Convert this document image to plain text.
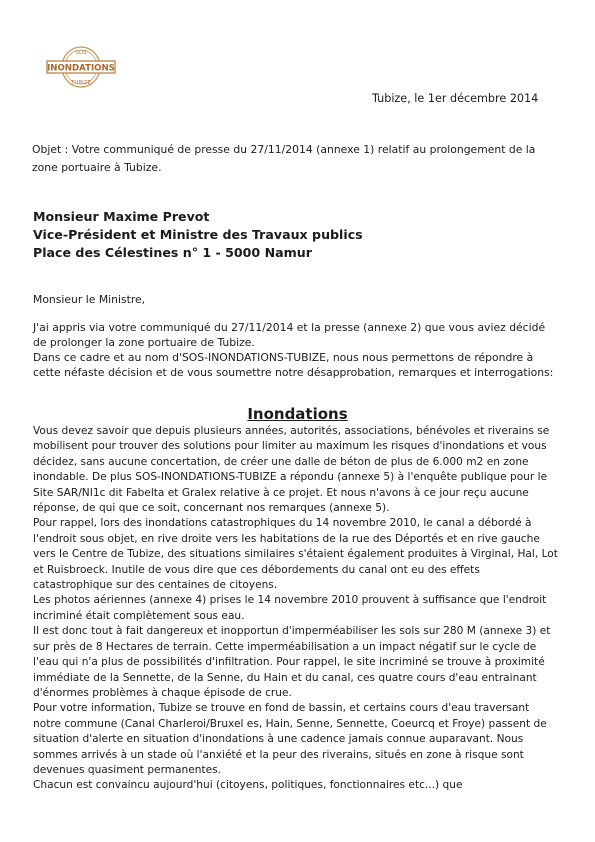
SOS
INONDATIONS
TUBIZE
Tubize, le 1er décembre 2014
Objet : Votre communiqué de presse du 27/11/2014 (annexe 1) relatif au prolongement de la zone portuaire à Tubize.
Monsieur Maxime Prevot
Vice-Président et Ministre des Travaux publics
Place des Célestines n° 1 - 5000 Namur
Monsieur le Ministre,

J'ai appris via votre communiqué du 27/11/2014 et la presse (annexe 2) que vous aviez décidé de prolonger la zone portuaire de Tubize.

Dans ce cadre et au nom d'SOS-INONDATIONS-TUBIZE, nous nous permettons de répondre à cette néfaste décision et de vous soumettre notre désapprobation, remarques et interrogations:

Inondations

Vous devez savoir que depuis plusieurs années, autorités, associations, bénévoles et riverains se mobilisent pour trouver des solutions pour limiter au maximum les risques d'inondations et vous décidez, sans aucune concertation, de créer une dalle de béton de plus de 6.000 m2 en zone inondable. De plus SOS-INONDATIONS-TUBIZE a répondu (annexe 5) à l'enquête publique pour le Site SAR/NI1c dit Fabelta et Gralex relative à ce projet. Et nous n'avons à ce jour reçu aucune réponse, de qui que ce soit, concernant nos remarques (annexe 5).

Pour rappel, lors des inondations catastrophiques du 14 novembre 2010, le canal a débordé à l'endroit sous objet, en rive droite vers les habitations de la rue des Déportés et en rive gauche vers le Centre de Tubize, des situations similaires s'étaient également produites à Virginal, Hal, Lot et Ruisbroeck. Inutile de vous dire que ces débordements du canal ont eu des effets catastrophique sur des centaines de citoyens.

Les photos aériennes (annexe 4) prises le 14 novembre 2010 prouvent à suffisance que l'endroit incriminé était complètement sous eau.

Il est donc tout à fait dangereux et inopportun d'imperméabiliser les sols sur 280 M (annexe 3) et sur près de 8 Hectares de terrain. Cette imperméabilisation a un impact négatif sur le cycle de l'eau qui n'a plus de possibilités d'infiltration. Pour rappel, le site incriminé se trouve à proximité immédiate de la Sennette, de la Senne, du Hain et du canal, ces quatre cours d'eau entrainant d'énormes problèmes à chaque épisode de crue.

Pour votre information, Tubize se trouve en fond de bassin, et certains cours d'eau traversant notre commune (Canal Charleroi/Bruxel es, Hain, Senne, Sennette, Coeurcq et Froye) passent de situation d'alerte en situation d'inondations à une cadence jamais connue auparavant. Nous sommes arrivés à un stade où l'anxiété et la peur des riverains, situés en zone à risque sont devenues quasiment permanentes.

Chacun est convaincu aujourd'hui (citoyens, politiques, fonctionnaires etc...) que
